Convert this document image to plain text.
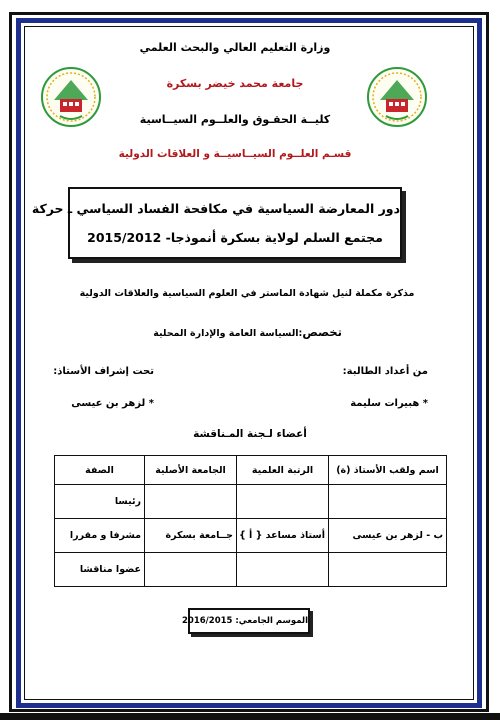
وزارة التعليم العالي والبحث العلمي
جامعة محمد خيضر بسكرة
كليــة الحقـوق والعلــوم السيــاسية
قسـم العلــوم السيــاسيــة و العلاقات الدولية
دور المعارضة السياسية في مكافحة الفساد السياسي ـ حركة
مجتمع السلم لولاية بسكرة أنموذجا- 2015/2012
مذكرة مكملة لنيل شهادة الماستر في العلوم السياسية والعلاقات الدولية
تخصص:السياسة العامة والإدارة المحلية
من أعداد الطالبة:
تحت إشراف الأستاذ:
* هبيرات سليمة
* لزهر بن عيسى
أعضاء لـجنة المـناقشة
اسم ولقب الأستاذ (ة)	الرتبة العلمية	الجامعة الأصلية	الصفة
			رئيسا
ب - لزهر بن عيسى	أستاذ مساعد { أ }	جــامعة بسكرة	مشرفا و مقررا
			عضوا مناقشا
الموسم الجامعي: 2016/2015
